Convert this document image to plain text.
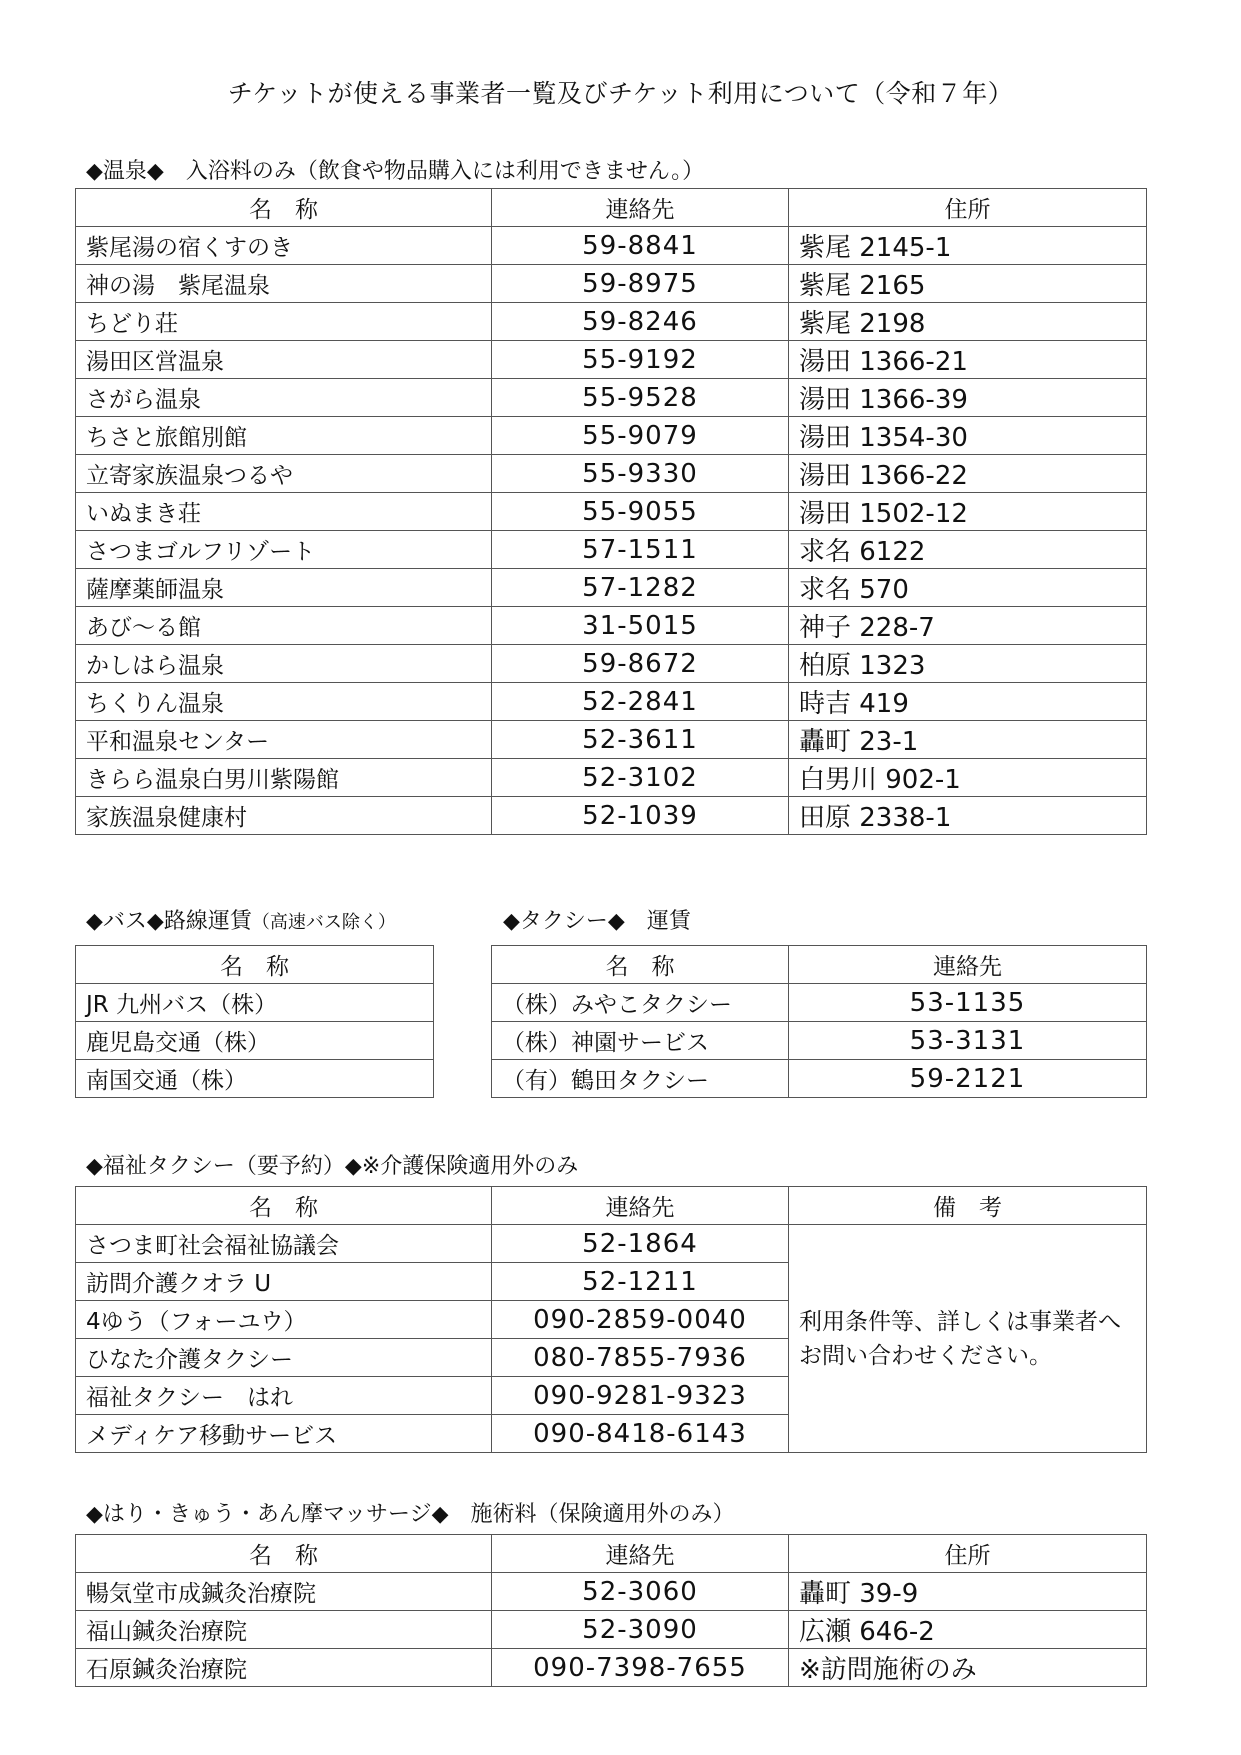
チケットが使える事業者一覧及びチケット利用について（令和７年）
◆温泉◆　入浴料のみ（飲食や物品購入には利用できません。）
名　称	連絡先	住所
紫尾湯の宿くすのき	59-8841	紫尾 2145-1
神の湯　紫尾温泉	59-8975	紫尾 2165
ちどり荘	59-8246	紫尾 2198
湯田区営温泉	55-9192	湯田 1366-21
さがら温泉	55-9528	湯田 1366-39
ちさと旅館別館	55-9079	湯田 1354-30
立寄家族温泉つるや	55-9330	湯田 1366-22
いぬまき荘	55-9055	湯田 1502-12
さつまゴルフリゾート	57-1511	求名 6122
薩摩薬師温泉	57-1282	求名 570
あび～る館	31-5015	神子 228-7
かしはら温泉	59-8672	柏原 1323
ちくりん温泉	52-2841	時吉 419
平和温泉センター	52-3611	轟町 23-1
きらら温泉白男川紫陽館	52-3102	白男川 902-1
家族温泉健康村	52-1039	田原 2338-1
◆バス◆路線運賃（高速バス除く）
名　称
JR 九州バス（株）
鹿児島交通（株）
南国交通（株）
◆タクシー◆　運賃
名　称	連絡先
（株）みやこタクシー	53-1135
（株）神園サービス	53-3131
（有）鶴田タクシー	59-2121
◆福祉タクシー（要予約）◆※介護保険適用外のみ
名　称	連絡先	備　考
さつま町社会福祉協議会	52-1864	利用条件等、詳しくは事業者へお問い合わせください。
訪問介護クオラ U	52-1211	
4ゆう（フォーユウ）	090-2859-0040	
ひなた介護タクシー	080-7855-7936	
福祉タクシー　はれ	090-9281-9323	
メディケア移動サービス	090-8418-6143	
◆はり・きゅう・あん摩マッサージ◆　施術料（保険適用外のみ）
名　称	連絡先	住所
暢気堂市成鍼灸治療院	52-3060	轟町 39-9
福山鍼灸治療院	52-3090	広瀬 646-2
石原鍼灸治療院	090-7398-7655	※訪問施術のみ
